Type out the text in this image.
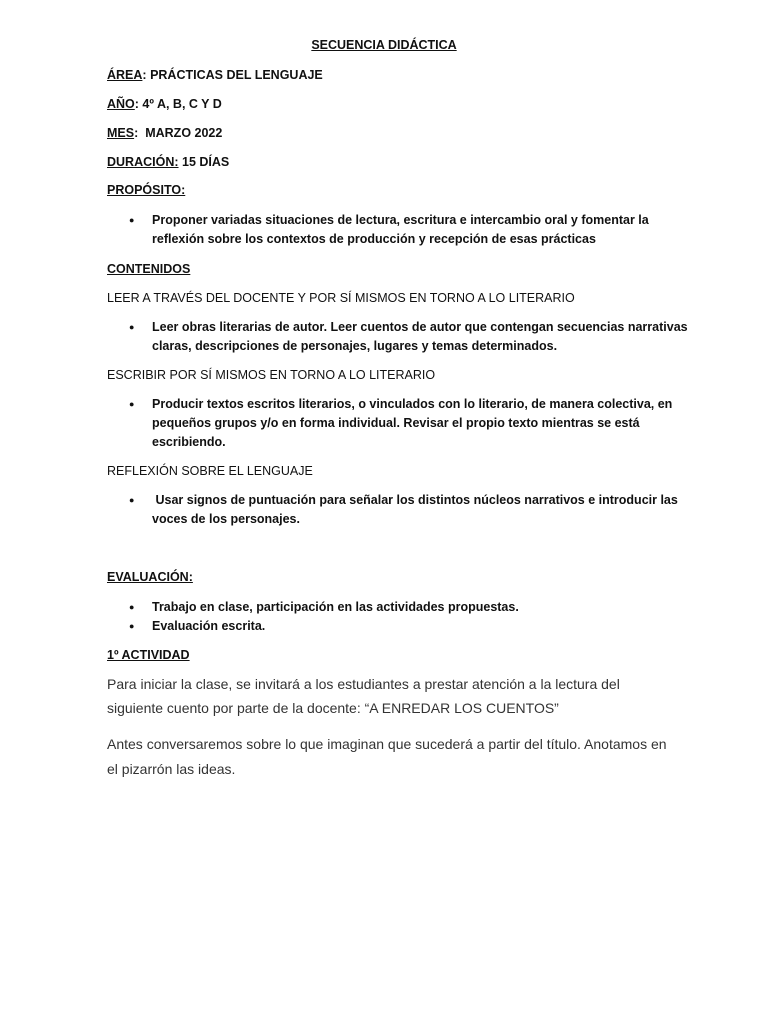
SECUENCIA DIDÁCTICA
ÁREA: PRÁCTICAS DEL LENGUAJE
AÑO: 4º A, B, C Y D
MES:  MARZO 2022
DURACIÓN: 15 DÍAS
PROPÓSITO:
● Proponer variadas situaciones de lectura, escritura e intercambio oral y fomentar la
reflexión sobre los contextos de producción y recepción de esas prácticas
CONTENIDOS
LEER A TRAVÉS DEL DOCENTE Y POR SÍ MISMOS EN TORNO A LO LITERARIO
● Leer obras literarias de autor. Leer cuentos de autor que contengan secuencias narrativas
claras, descripciones de personajes, lugares y temas determinados.
ESCRIBIR POR SÍ MISMOS EN TORNO A LO LITERARIO
● Producir textos escritos literarios, o vinculados con lo literario, de manera colectiva, en
pequeños grupos y/o en forma individual. Revisar el propio texto mientras se está
escribiendo.
REFLEXIÓN SOBRE EL LENGUAJE
● Usar signos de puntuación para señalar los distintos núcleos narrativos e introducir las
voces de los personajes.
EVALUACIÓN:
● Trabajo en clase, participación en las actividades propuestas.
● Evaluación escrita.
1º ACTIVIDAD
Para iniciar la clase, se invitará a los estudiantes a prestar atención a la lectura del
siguiente cuento por parte de la docente: “A ENREDAR LOS CUENTOS”
Antes conversaremos sobre lo que imaginan que sucederá a partir del título. Anotamos en
el pizarrón las ideas.
